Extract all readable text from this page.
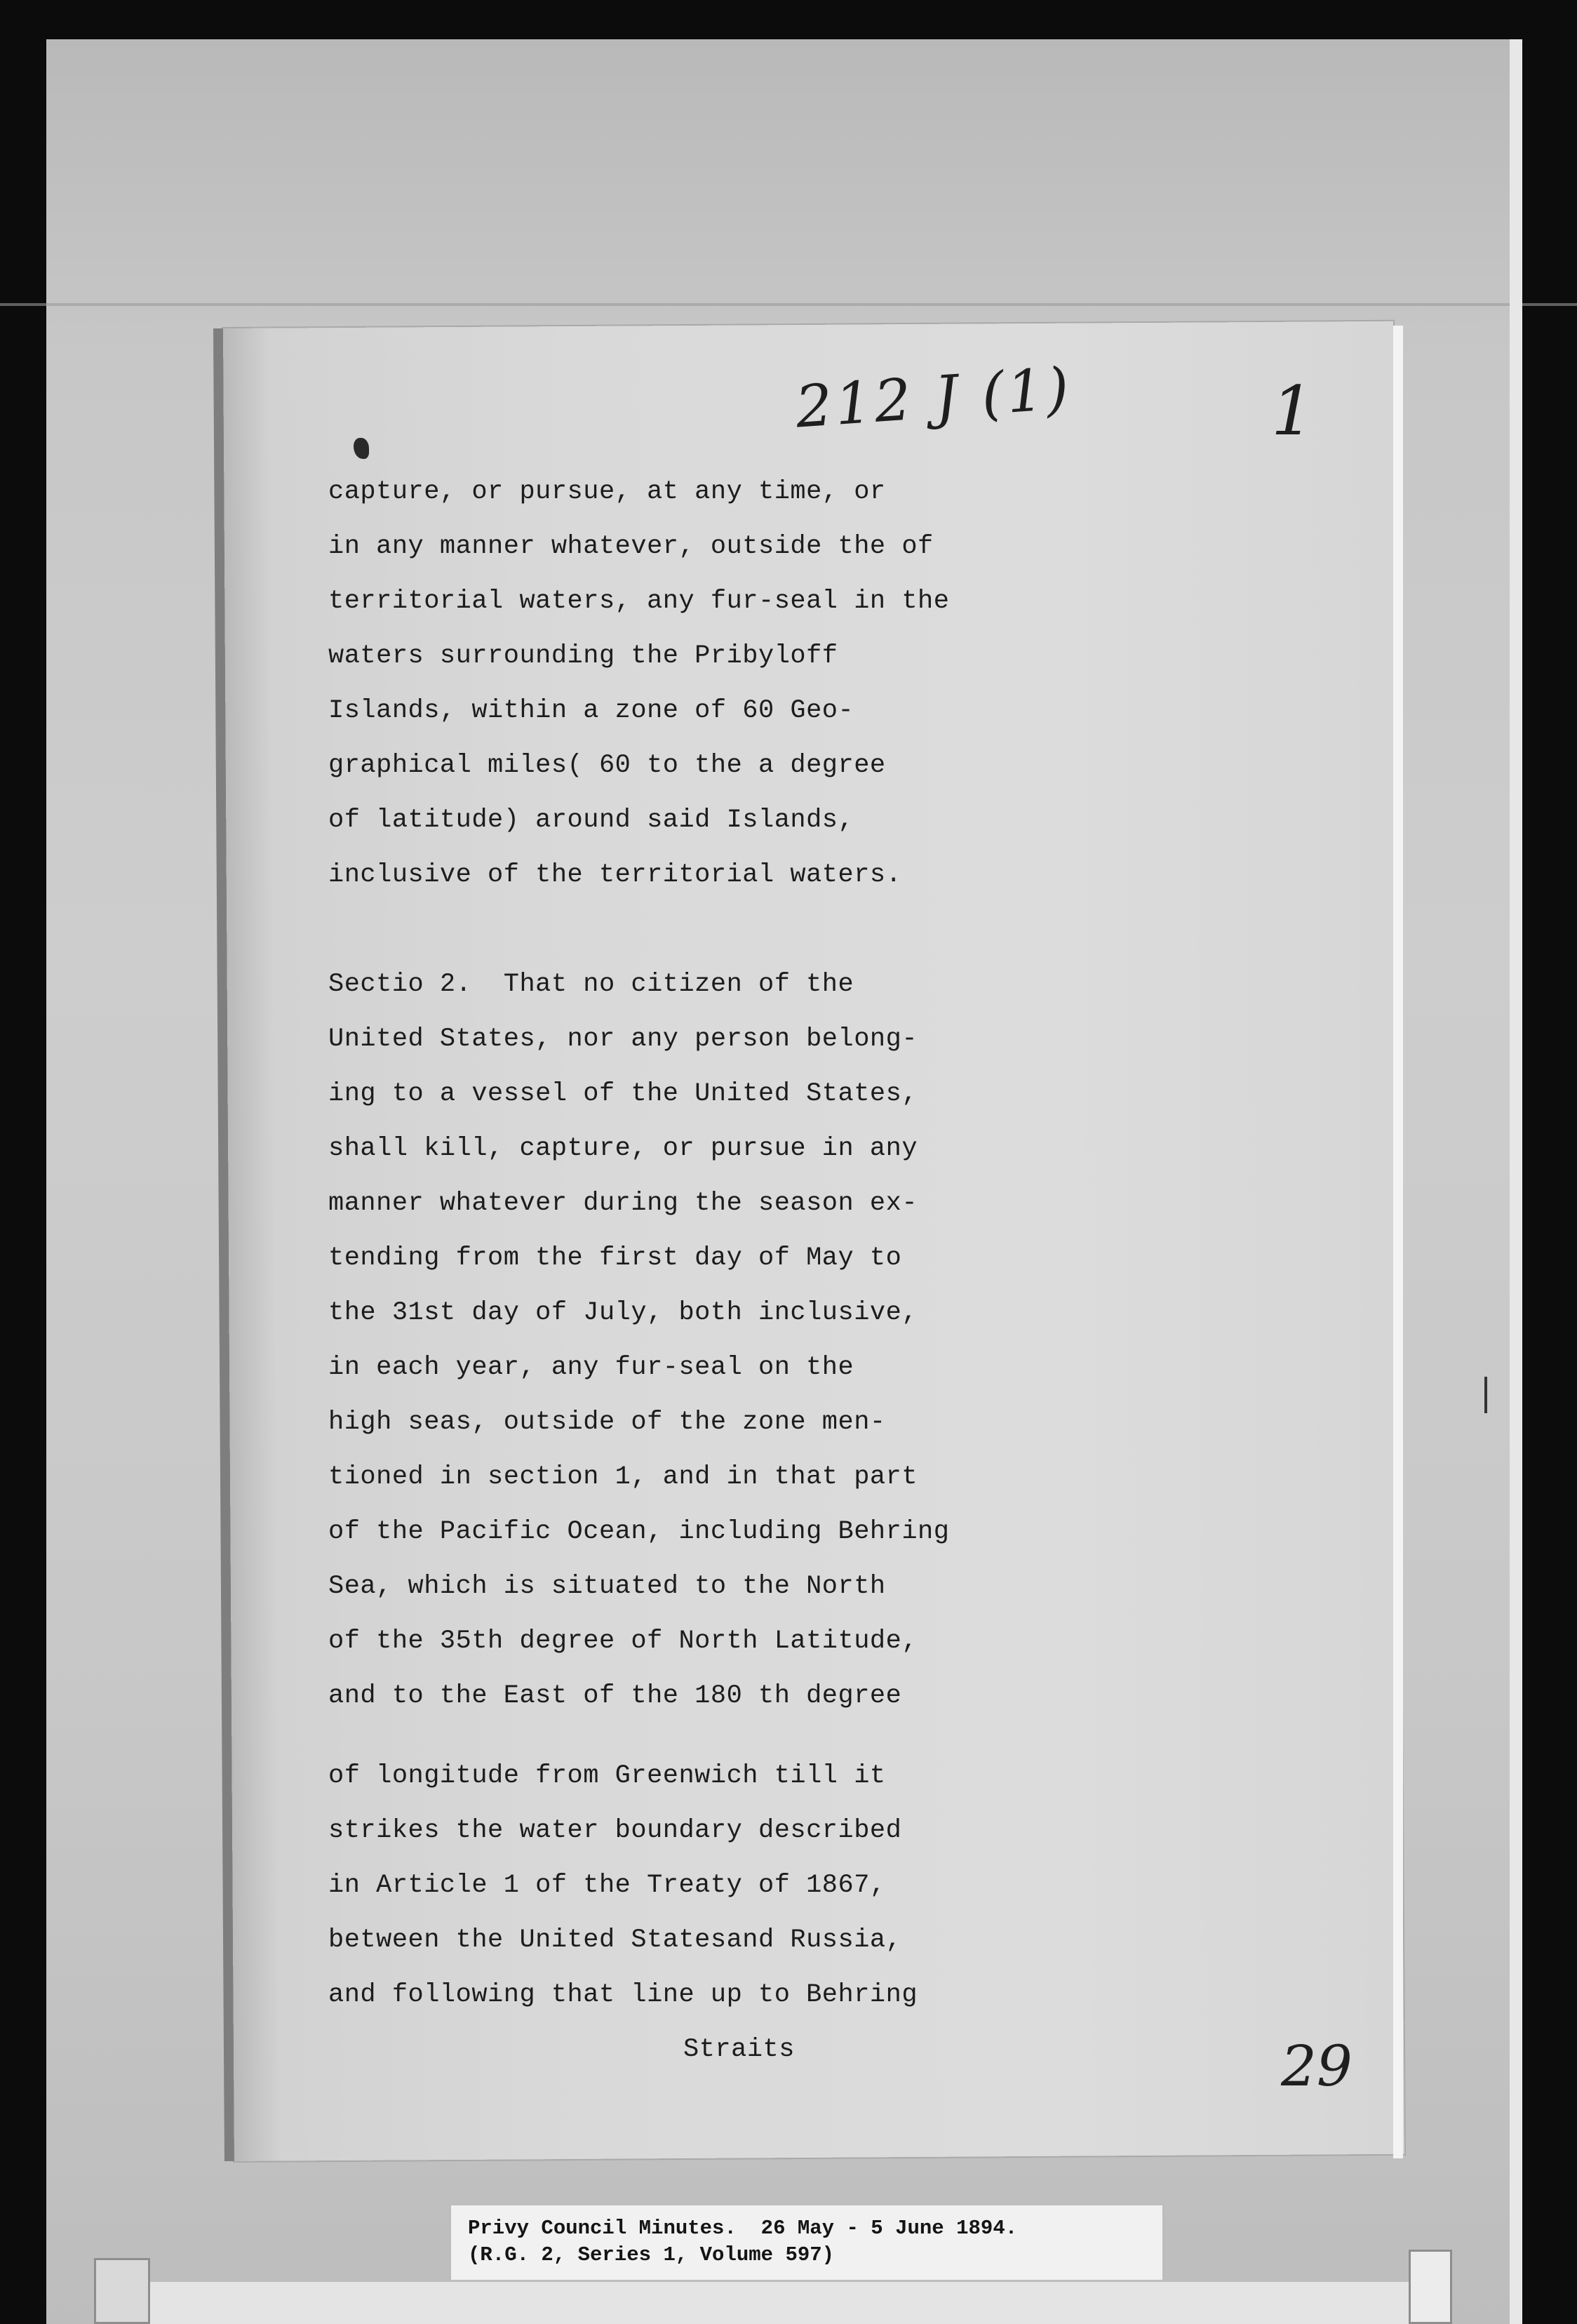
212 J (1)	1
capture, or pursue, at any time, or
in any manner whatever, outside the of
territorial waters, any fur-seal in the
waters surrounding the Pribyloff
Islands, within a zone of 60 Geo-
graphical miles( 60 to the a degree
of latitude) around said Islands,
inclusive of the territorial waters.
Sectio 2.  That no citizen of the
United States, nor any person belong-
ing to a vessel of the United States,
shall kill, capture, or pursue in any
manner whatever during the season ex-
tending from the first day of May to
the 31st day of July, both inclusive,
in each year, any fur-seal on the
high seas, outside of the zone men-
tioned in section 1, and in that part
of the Pacific Ocean, including Behring
Sea, which is situated to the North
of the 35th degree of North Latitude,
and to the East of the 180 th degree
of longitude from Greenwich till it
strikes the water boundary described
in Article 1 of the Treaty of 1867,
between the United Statesand Russia,
and following that line up to Behring
Straits	29
Privy Council Minutes.  26 May - 5 June 1894.
(R.G. 2, Series 1, Volume 597)
